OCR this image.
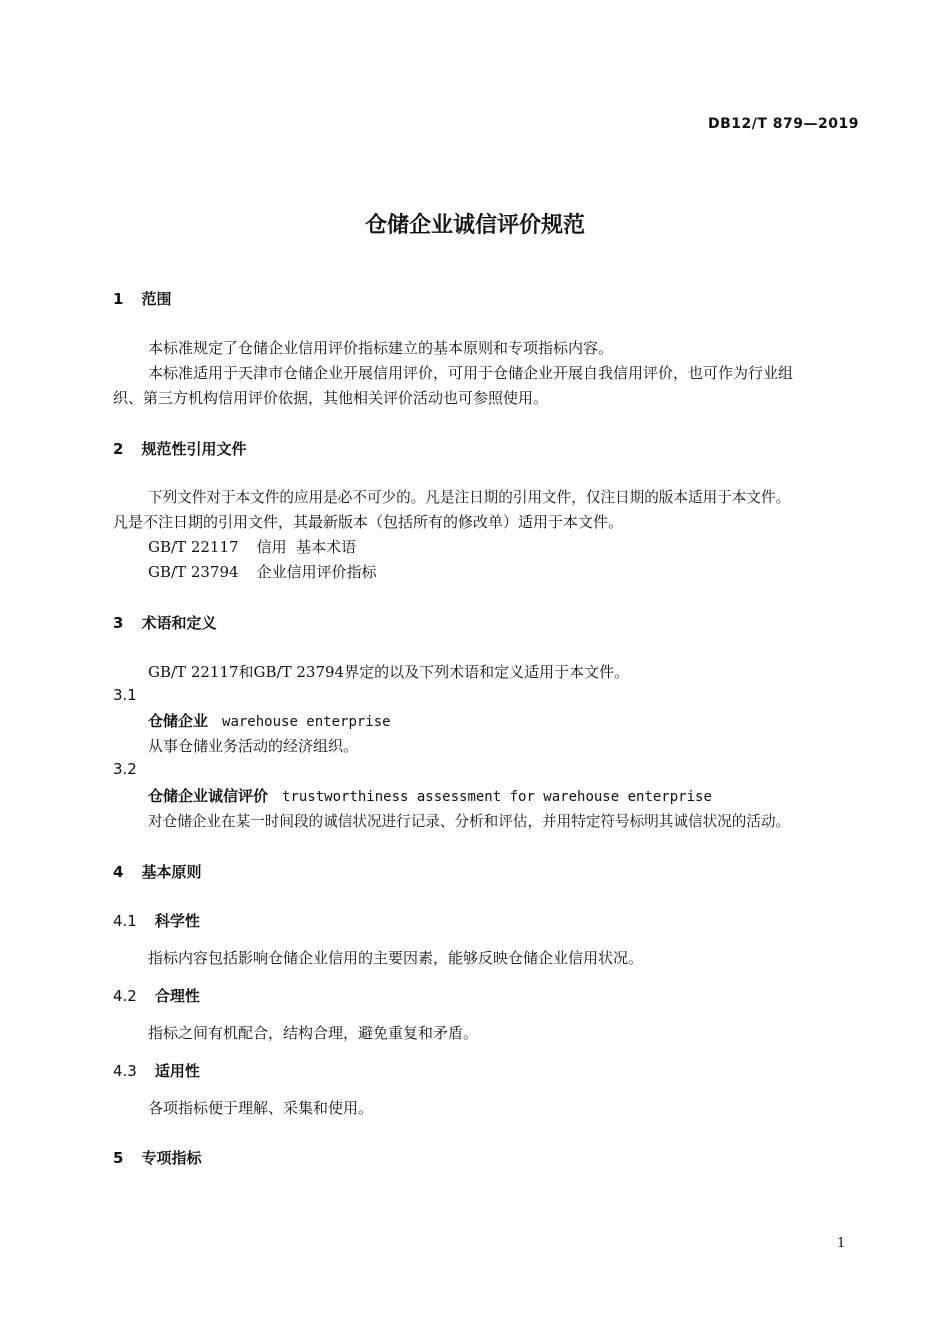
DB12/T 879—2019
仓储企业诚信评价规范
1 范围
本标准规定了仓储企业信用评价指标建立的基本原则和专项指标内容。
本标准适用于天津市仓储企业开展信用评价，可用于仓储企业开展自我信用评价，也可作为行业组
织、第三方机构信用评价依据，其他相关评价活动也可参照使用。
2 规范性引用文件
下列文件对于本文件的应用是必不可少的。凡是注日期的引用文件，仅注日期的版本适用于本文件。
凡是不注日期的引用文件，其最新版本（包括所有的修改单）适用于本文件。
GB/T 22117 信用  基本术语
GB/T 23794 企业信用评价指标
3 术语和定义
GB/T 22117和GB/T 23794界定的以及下列术语和定义适用于本文件。
3.1
仓储企业 warehouse enterprise
从事仓储业务活动的经济组织。
3.2
仓储企业诚信评价 trustworthiness assessment for warehouse enterprise
对仓储企业在某一时间段的诚信状况进行记录、分析和评估，并用特定符号标明其诚信状况的活动。
4 基本原则
4.1 科学性
指标内容包括影响仓储企业信用的主要因素，能够反映仓储企业信用状况。
4.2 合理性
指标之间有机配合，结构合理，避免重复和矛盾。
4.3 适用性
各项指标便于理解、采集和使用。
5 专项指标
1
